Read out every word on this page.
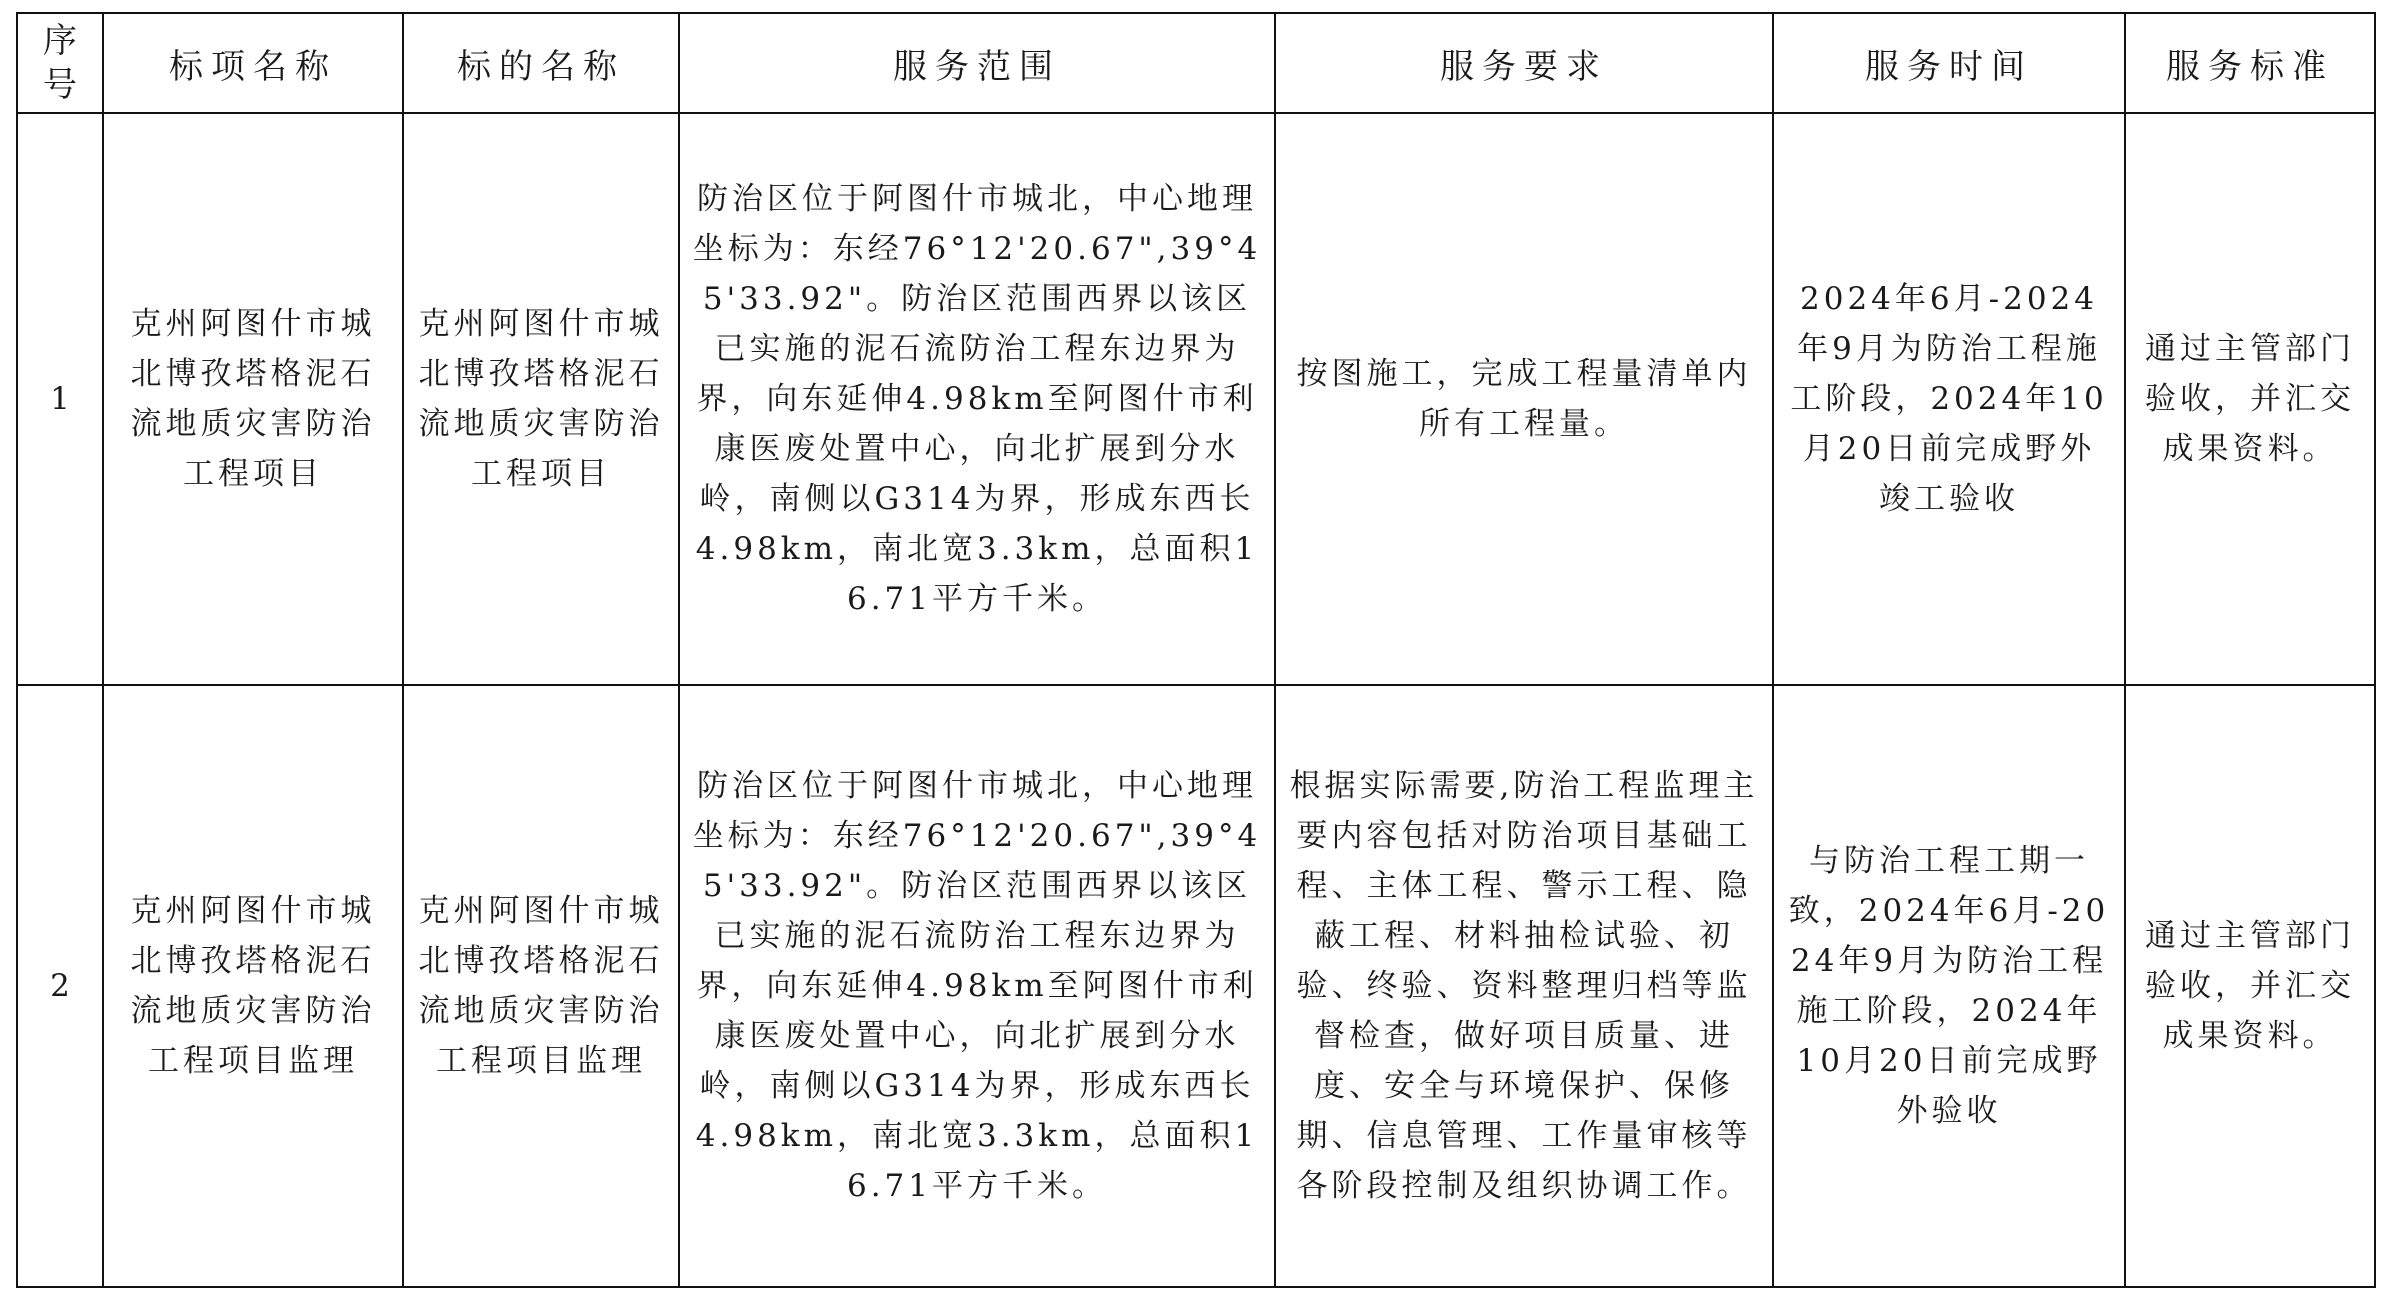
序
号	标项名称	标的名称	服务范围	服务要求	服务时间	服务标准
1	克州阿图什市城北博孜塔格泥石流地质灾害防治工程项目	克州阿图什市城北博孜塔格泥石流地质灾害防治工程项目	防治区位于阿图什市城北，中心地理坐标为：东经76°12'20.67",39°45'33.92"。防治区范围西界以该区已实施的泥石流防治工程东边界为界，向东延伸4.98km至阿图什市利康医废处置中心，向北扩展到分水岭，南侧以G314为界，形成东西长4.98km，南北宽3.3km，总面积16.71平方千米。	按图施工，完成工程量清单内所有工程量。	2024年6月-2024年9月为防治工程施工阶段，2024年10月20日前完成野外竣工验收	通过主管部门验收，并汇交成果资料。
2	克州阿图什市城北博孜塔格泥石流地质灾害防治工程项目监理	克州阿图什市城北博孜塔格泥石流地质灾害防治工程项目监理	防治区位于阿图什市城北，中心地理坐标为：东经76°12'20.67",39°45'33.92"。防治区范围西界以该区已实施的泥石流防治工程东边界为界，向东延伸4.98km至阿图什市利康医废处置中心，向北扩展到分水岭，南侧以G314为界，形成东西长4.98km，南北宽3.3km，总面积16.71平方千米。	根据实际需要,防治工程监理主要内容包括对防治项目基础工程、主体工程、警示工程、隐蔽工程、材料抽检试验、初验、终验、资料整理归档等监督检查，做好项目质量、进度、安全与环境保护、保修期、信息管理、工作量审核等各阶段控制及组织协调工作。	与防治工程工期一致，2024年6月-2024年9月为防治工程施工阶段，2024年10月20日前完成野外验收	通过主管部门验收，并汇交成果资料。
